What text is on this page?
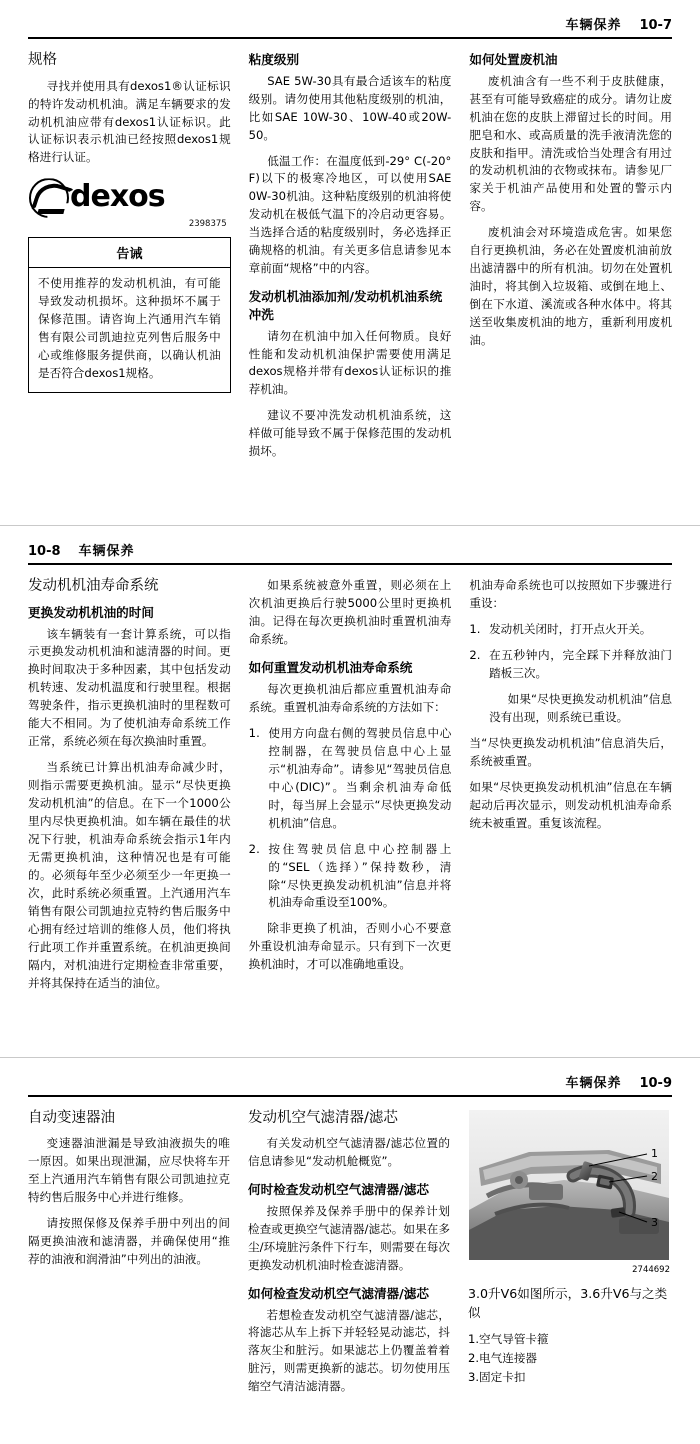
车辆保养 10-7
规格

寻找并使用具有dexos1®认证标识的特许发动机机油。满足车辆要求的发动机机油应带有dexos1认证标识。此认证标识表示机油已经按照dexos1规格进行认证。

dexos
2398375
告诫

不使用推荐的发动机机油，有可能导致发动机损坏。这种损坏不属于保修范围。请咨询上汽通用汽车销售有限公司凯迪拉克列售后服务中心或维修服务提供商，以确认机油是否符合dexos1规格。

粘度级别

SAE 5W-30具有最合适该车的粘度级别。请勿使用其他粘度级别的机油，比如SAE 10W-30、10W-40或20W-50。

低温工作：在温度低到-29° C(-20° F)以下的极寒冷地区，可以使用SAE 0W-30机油。这种粘度级别的机油将使发动机在极低气温下的冷启动更容易。当选择合适的粘度级别时，务必选择正确规格的机油。有关更多信息请参见本章前面“规格”中的内容。

发动机机油添加剂/发动机机油系统冲洗

请勿在机油中加入任何物质。良好性能和发动机机油保护需要使用满足dexos规格并带有dexos认证标识的推荐机油。

建议不要冲洗发动机机油系统，这样做可能导致不属于保修范围的发动机损坏。

如何处置废机油

废机油含有一些不利于皮肤健康，甚至有可能导致癌症的成分。请勿让废机油在您的皮肤上滞留过长的时间。用肥皂和水、或高质量的洗手液清洗您的皮肤和指甲。清洗或恰当处理含有用过的发动机机油的衣物或抹布。请参见厂家关于机油产品使用和处置的警示内容。

废机油会对环境造成危害。如果您自行更换机油，务必在处置废机油前放出滤清器中的所有机油。切勿在处置机油时，将其倒入垃圾箱、或倒在地上、倒在下水道、溪流或各种水体中。将其送至收集废机油的地方，重新利用废机油。

10-8 车辆保养
发动机机油寿命系统
更换发动机机油的时间

该车辆装有一套计算系统，可以指示更换发动机机油和滤清器的时间。更换时间取决于多种因素，其中包括发动机转速、发动机温度和行驶里程。根据驾驶条件，指示更换机油时的里程数可能大不相同。为了使机油寿命系统工作正常，系统必须在每次换油时重置。

当系统已计算出机油寿命减少时，则指示需要更换机油。显示“尽快更换发动机机油”的信息。在下一个1000公里内尽快更换机油。如车辆在最佳的状况下行驶，机油寿命系统会指示1年内无需更换机油，这种情况也是有可能的。必须每年至少必须至少一年更换一次，此时系统必须重置。上汽通用汽车销售有限公司凯迪拉克特约售后服务中心拥有经过培训的维修人员，他们将执行此项工作并重置系统。在机油更换间隔内，对机油进行定期检查非常重要，并将其保持在适当的油位。

如果系统被意外重置，则必须在上次机油更换后行驶5000公里时更换机油。记得在每次更换机油时重置机油寿命系统。

如何重置发动机机油寿命系统

每次更换机油后都应重置机油寿命系统。重置机油寿命系统的方法如下：

使用方向盘右侧的驾驶员信息中心控制器，在驾驶员信息中心上显示“机油寿命”。请参见“驾驶员信息中心(DIC)”。当剩余机油寿命低时，每当屏上会显示“尽快更换发动机机油”信息。
按住驾驶员信息中心控制器上的“SEL（选择）”保持数秒，清除“尽快更换发动机机油”信息并将机油寿命重设至100%。

除非更换了机油，否则小心不要意外重设机油寿命显示。只有到下一次更换机油时，才可以准确地重设。

机油寿命系统也可以按照如下步骤进行重设：

发动机关闭时，打开点火开关。
在五秒钟内，完全踩下并释放油门踏板三次。

如果“尽快更换发动机机油”信息没有出现，则系统已重设。

当“尽快更换发动机机油”信息消失后，系统被重置。

如果“尽快更换发动机机油”信息在车辆起动后再次显示，则发动机机油寿命系统未被重置。重复该流程。

车辆保养 10-9
自动变速器油

变速器油泄漏是导致油液损失的唯一原因。如果出现泄漏，应尽快将车开至上汽通用汽车销售有限公司凯迪拉克特约售后服务中心并进行维修。

请按照保修及保养手册中列出的间隔更换油液和滤清器，并确保使用“推荐的油液和润滑油”中列出的油液。

发动机空气滤清器/滤芯

有关发动机空气滤清器/滤芯位置的信息请参见“发动机舱概览”。

何时检查发动机空气滤清器/滤芯

按照保养及保养手册中的保养计划检查或更换空气滤清器/滤芯。如果在多尘/环境脏污条件下行车，则需要在每次更换发动机机油时检查滤清器。

如何检查发动机空气滤清器/滤芯

若想检查发动机空气滤清器/滤芯，将滤芯从车上拆下并轻轻晃动滤芯，抖落灰尘和脏污。如果滤芯上仍覆盖着着脏污，则需更换新的滤芯。切勿使用压缩空气清洁滤清器。

1
2
3
2744692

3.0升V6如图所示，3.6升V6与之类似

1.空气导管卡箍
2.电气连接器
3.固定卡扣
